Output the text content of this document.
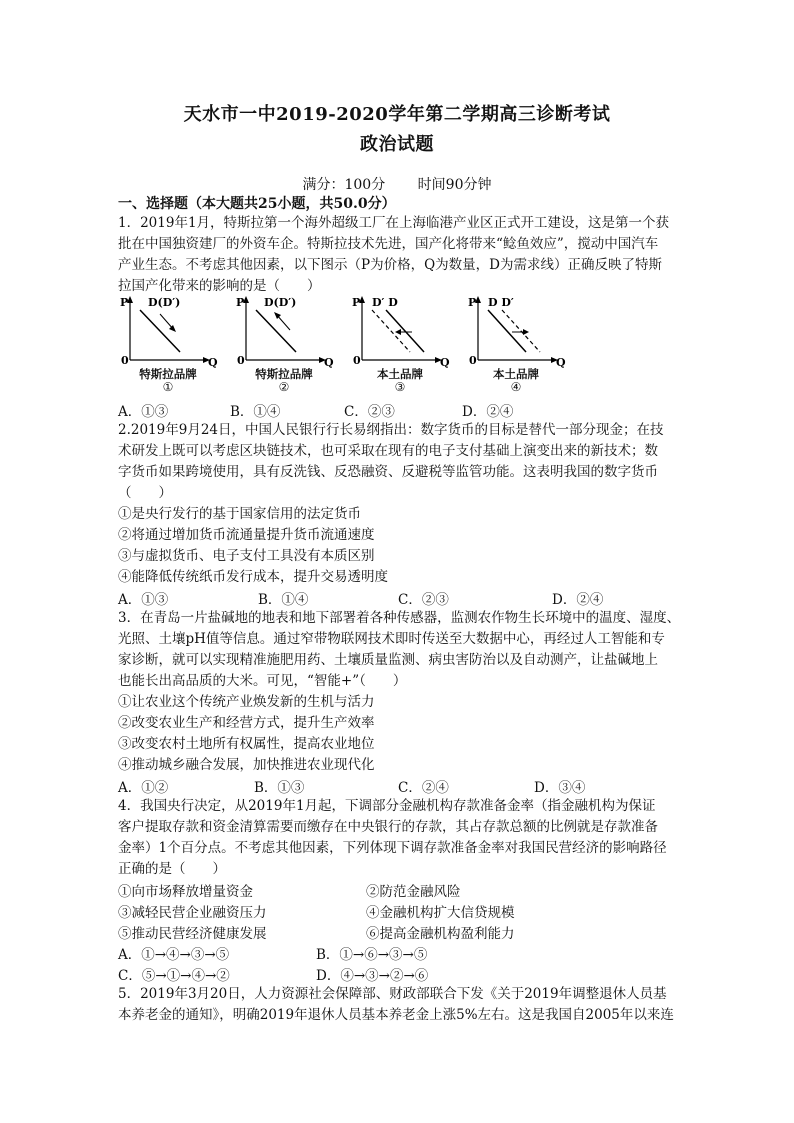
天水市一中2019-2020学年第二学期高三诊断考试
政治试题
满分：100分 时间90分钟
一、选择题（本大题共25小题，共50.0分）
1．2019年1月，特斯拉第一个海外超级工厂在上海临港产业区正式开工建设，这是第一个获
批在中国独资建厂的外资车企。特斯拉技术先进，国产化将带来“鲶鱼效应”，搅动中国汽车
产业生态。不考虑其他因素，以下图示（P为价格，Q为数量，D为需求线）正确反映了特斯
拉国产化带来的影响的是（　　）
P
Q
0
D(D′)
特斯拉品牌
①
P
Q
0
D(D′)
特斯拉品牌
②
P
Q
0
D′ D
本土品牌
③
P
Q
0
D D′
本土品牌
④
A．①③	B．①④	C．②③	D．②④
2.2019年9月24日，中国人民银行行长易纲指出：数字货币的目标是替代一部分现金；在技
术研发上既可以考虑区块链技术，也可采取在现有的电子支付基础上演变出来的新技术；数
字货币如果跨境使用，具有反洗钱、反恐融资、反避税等监管功能。这表明我国的数字货币
（　　）
①是央行发行的基于国家信用的法定货币
②将通过增加货币流通量提升货币流通速度
③与虚拟货币、电子支付工具没有本质区别
④能降低传统纸币发行成本，提升交易透明度
A．①③	B．①④	C．②③	D．②④
3．在青岛一片盐碱地的地表和地下部署着各种传感器，监测农作物生长环境中的温度、湿度、
光照、土壤pH值等信息。通过窄带物联网技术即时传送至大数据中心，再经过人工智能和专
家诊断，就可以实现精准施肥用药、土壤质量监测、病虫害防治以及自动测产，让盐碱地上
也能长出高品质的大米。可见，“智能+”（　　）
①让农业这个传统产业焕发新的生机与活力
②改变农业生产和经营方式，提升生产效率
③改变农村土地所有权属性，提高农业地位
④推动城乡融合发展，加快推进农业现代化
A．①②	B．①③	C．②④	D．③④
4．我国央行决定，从2019年1月起，下调部分金融机构存款准备金率（指金融机构为保证
客户提取存款和资金清算需要而缴存在中央银行的存款，其占存款总额的比例就是存款准备
金率）1个百分点。不考虑其他因素，下列体现下调存款准备金率对我国民营经济的影响路径
正确的是（　　）
①向市场释放增量资金	②防范金融风险
③减轻民营企业融资压力	④金融机构扩大信贷规模
⑤推动民营经济健康发展	⑥提高金融机构盈利能力
A．①→④→③→⑤	B．①→⑥→③→⑤
C．⑤→①→④→②	D．④→③→②→⑥
5．2019年3月20日，人力资源社会保障部、财政部联合下发《关于2019年调整退休人员基
本养老金的通知》，明确2019年退休人员基本养老金上涨5%左右。这是我国自2005年以来连
